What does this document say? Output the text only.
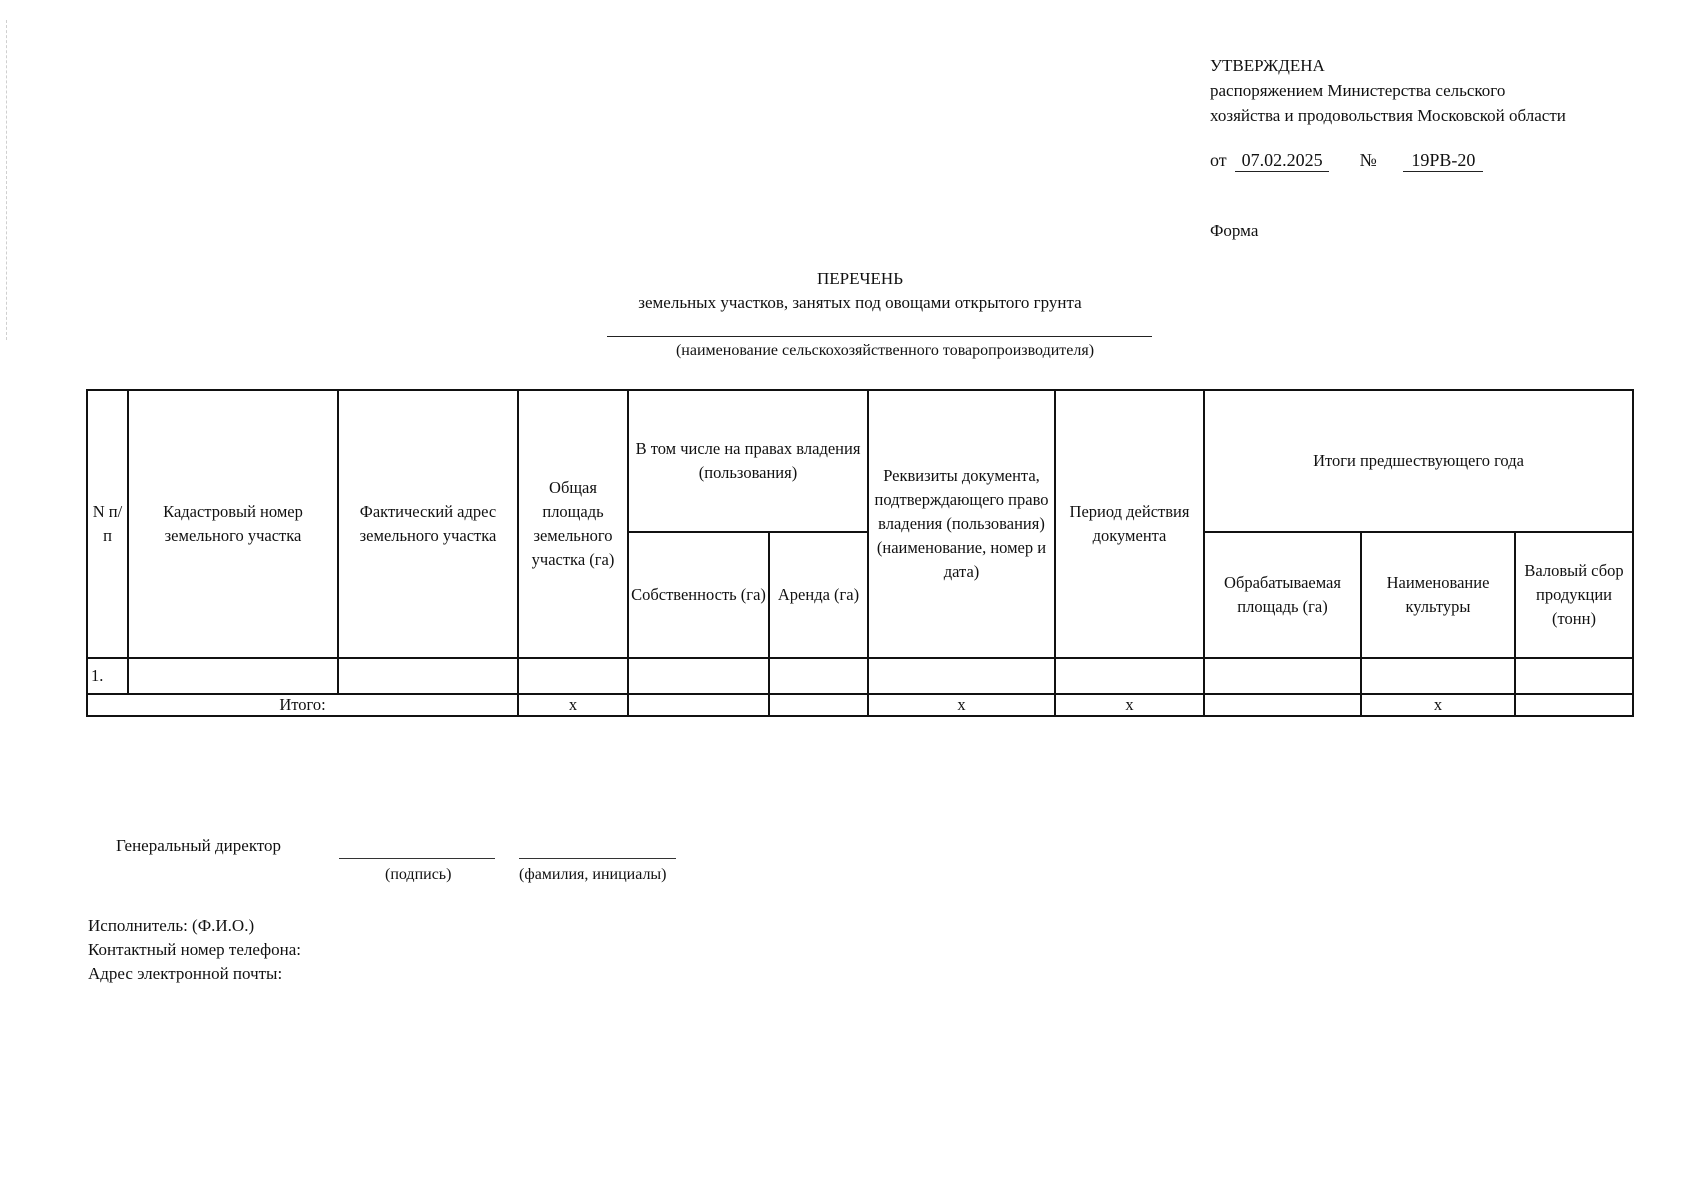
УТВЕРЖДЕНА
распоряжением Министерства сельского
хозяйства и продовольствия Московской области
от 07.02.2025 № 19РВ-20
Форма
ПЕРЕЧЕНЬ
земельных участков, занятых под овощами открытого грунта
(наименование сельскохозяйственного товаропроизводителя)
N п/п	Кадастровый номер земельного участка	Фактический адрес земельного участка	Общая площадь земельного участка (га)	В том числе на правах владения (пользования)		Реквизиты документа, подтверждающего право владения (пользования) (наименование, номер и дата)	Период действия документа	Итоги предшествующего года		
				Собственность (га)	Аренда (га)			Обрабатываемая площадь (га)	Наименование культуры	Валовый сбор продукции (тонн)
1.										
Итого:			x			x	x		x	
Генеральный директор
(подпись)	(фамилия, инициалы)
Исполнитель: (Ф.И.О.)
Контактный номер телефона:
Адрес электронной почты:
